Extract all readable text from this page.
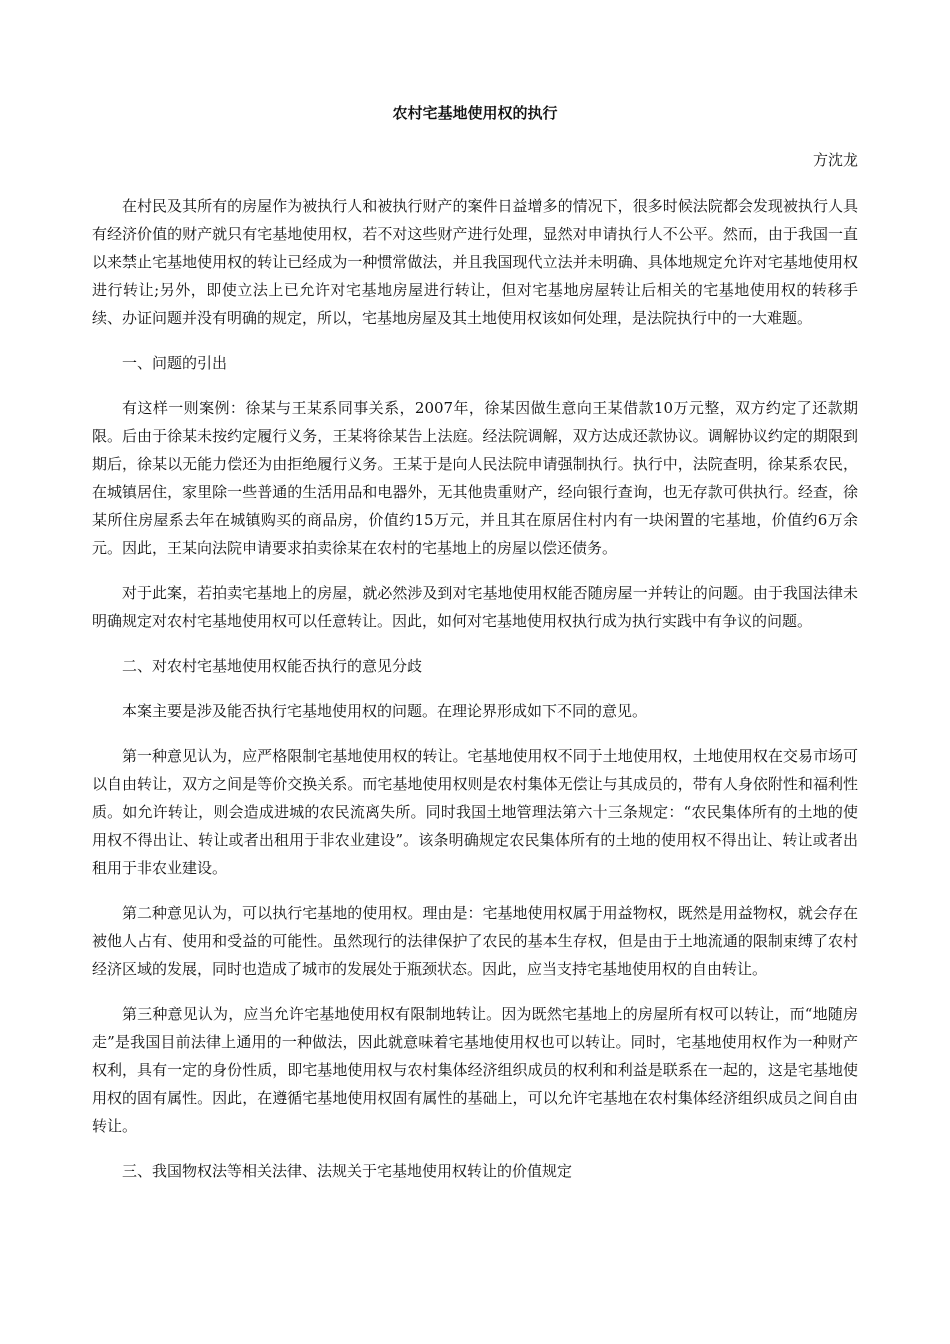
农村宅基地使用权的执行

方沈龙

在村民及其所有的房屋作为被执行人和被执行财产的案件日益增多的情况下，很多时候法院都会发现被执行人具有经济价值的财产就只有宅基地使用权，若不对这些财产进行处理，显然对申请执行人不公平。然而，由于我国一直以来禁止宅基地使用权的转让已经成为一种惯常做法，并且我国现代立法并未明确、具体地规定允许对宅基地使用权进行转让;另外，即使立法上已允许对宅基地房屋进行转让，但对宅基地房屋转让后相关的宅基地使用权的转移手续、办证问题并没有明确的规定，所以，宅基地房屋及其土地使用权该如何处理，是法院执行中的一大难题。

一、问题的引出

有这样一则案例：徐某与王某系同事关系，2007年，徐某因做生意向王某借款10万元整，双方约定了还款期限。后由于徐某未按约定履行义务，王某将徐某告上法庭。经法院调解，双方达成还款协议。调解协议约定的期限到期后，徐某以无能力偿还为由拒绝履行义务。王某于是向人民法院申请强制执行。执行中，法院查明，徐某系农民，在城镇居住，家里除一些普通的生活用品和电器外，无其他贵重财产，经向银行查询，也无存款可供执行。经查，徐某所住房屋系去年在城镇购买的商品房，价值约15万元，并且其在原居住村内有一块闲置的宅基地，价值约6万余元。因此，王某向法院申请要求拍卖徐某在农村的宅基地上的房屋以偿还债务。

对于此案，若拍卖宅基地上的房屋，就必然涉及到对宅基地使用权能否随房屋一并转让的问题。由于我国法律未明确规定对农村宅基地使用权可以任意转让。因此，如何对宅基地使用权执行成为执行实践中有争议的问题。

二、对农村宅基地使用权能否执行的意见分歧

本案主要是涉及能否执行宅基地使用权的问题。在理论界形成如下不同的意见。

第一种意见认为，应严格限制宅基地使用权的转让。宅基地使用权不同于土地使用权，土地使用权在交易市场可以自由转让，双方之间是等价交换关系。而宅基地使用权则是农村集体无偿让与其成员的，带有人身依附性和福利性质。如允许转让，则会造成进城的农民流离失所。同时我国土地管理法第六十三条规定：“农民集体所有的土地的使用权不得出让、转让或者出租用于非农业建设”。该条明确规定农民集体所有的土地的使用权不得出让、转让或者出租用于非农业建设。

第二种意见认为，可以执行宅基地的使用权。理由是：宅基地使用权属于用益物权，既然是用益物权，就会存在被他人占有、使用和受益的可能性。虽然现行的法律保护了农民的基本生存权，但是由于土地流通的限制束缚了农村经济区域的发展，同时也造成了城市的发展处于瓶颈状态。因此，应当支持宅基地使用权的自由转让。

第三种意见认为，应当允许宅基地使用权有限制地转让。因为既然宅基地上的房屋所有权可以转让，而“地随房走”是我国目前法律上通用的一种做法，因此就意味着宅基地使用权也可以转让。同时，宅基地使用权作为一种财产权利，具有一定的身份性质，即宅基地使用权与农村集体经济组织成员的权利和利益是联系在一起的，这是宅基地使用权的固有属性。因此，在遵循宅基地使用权固有属性的基础上，可以允许宅基地在农村集体经济组织成员之间自由转让。

三、我国物权法等相关法律、法规关于宅基地使用权转让的价值规定
